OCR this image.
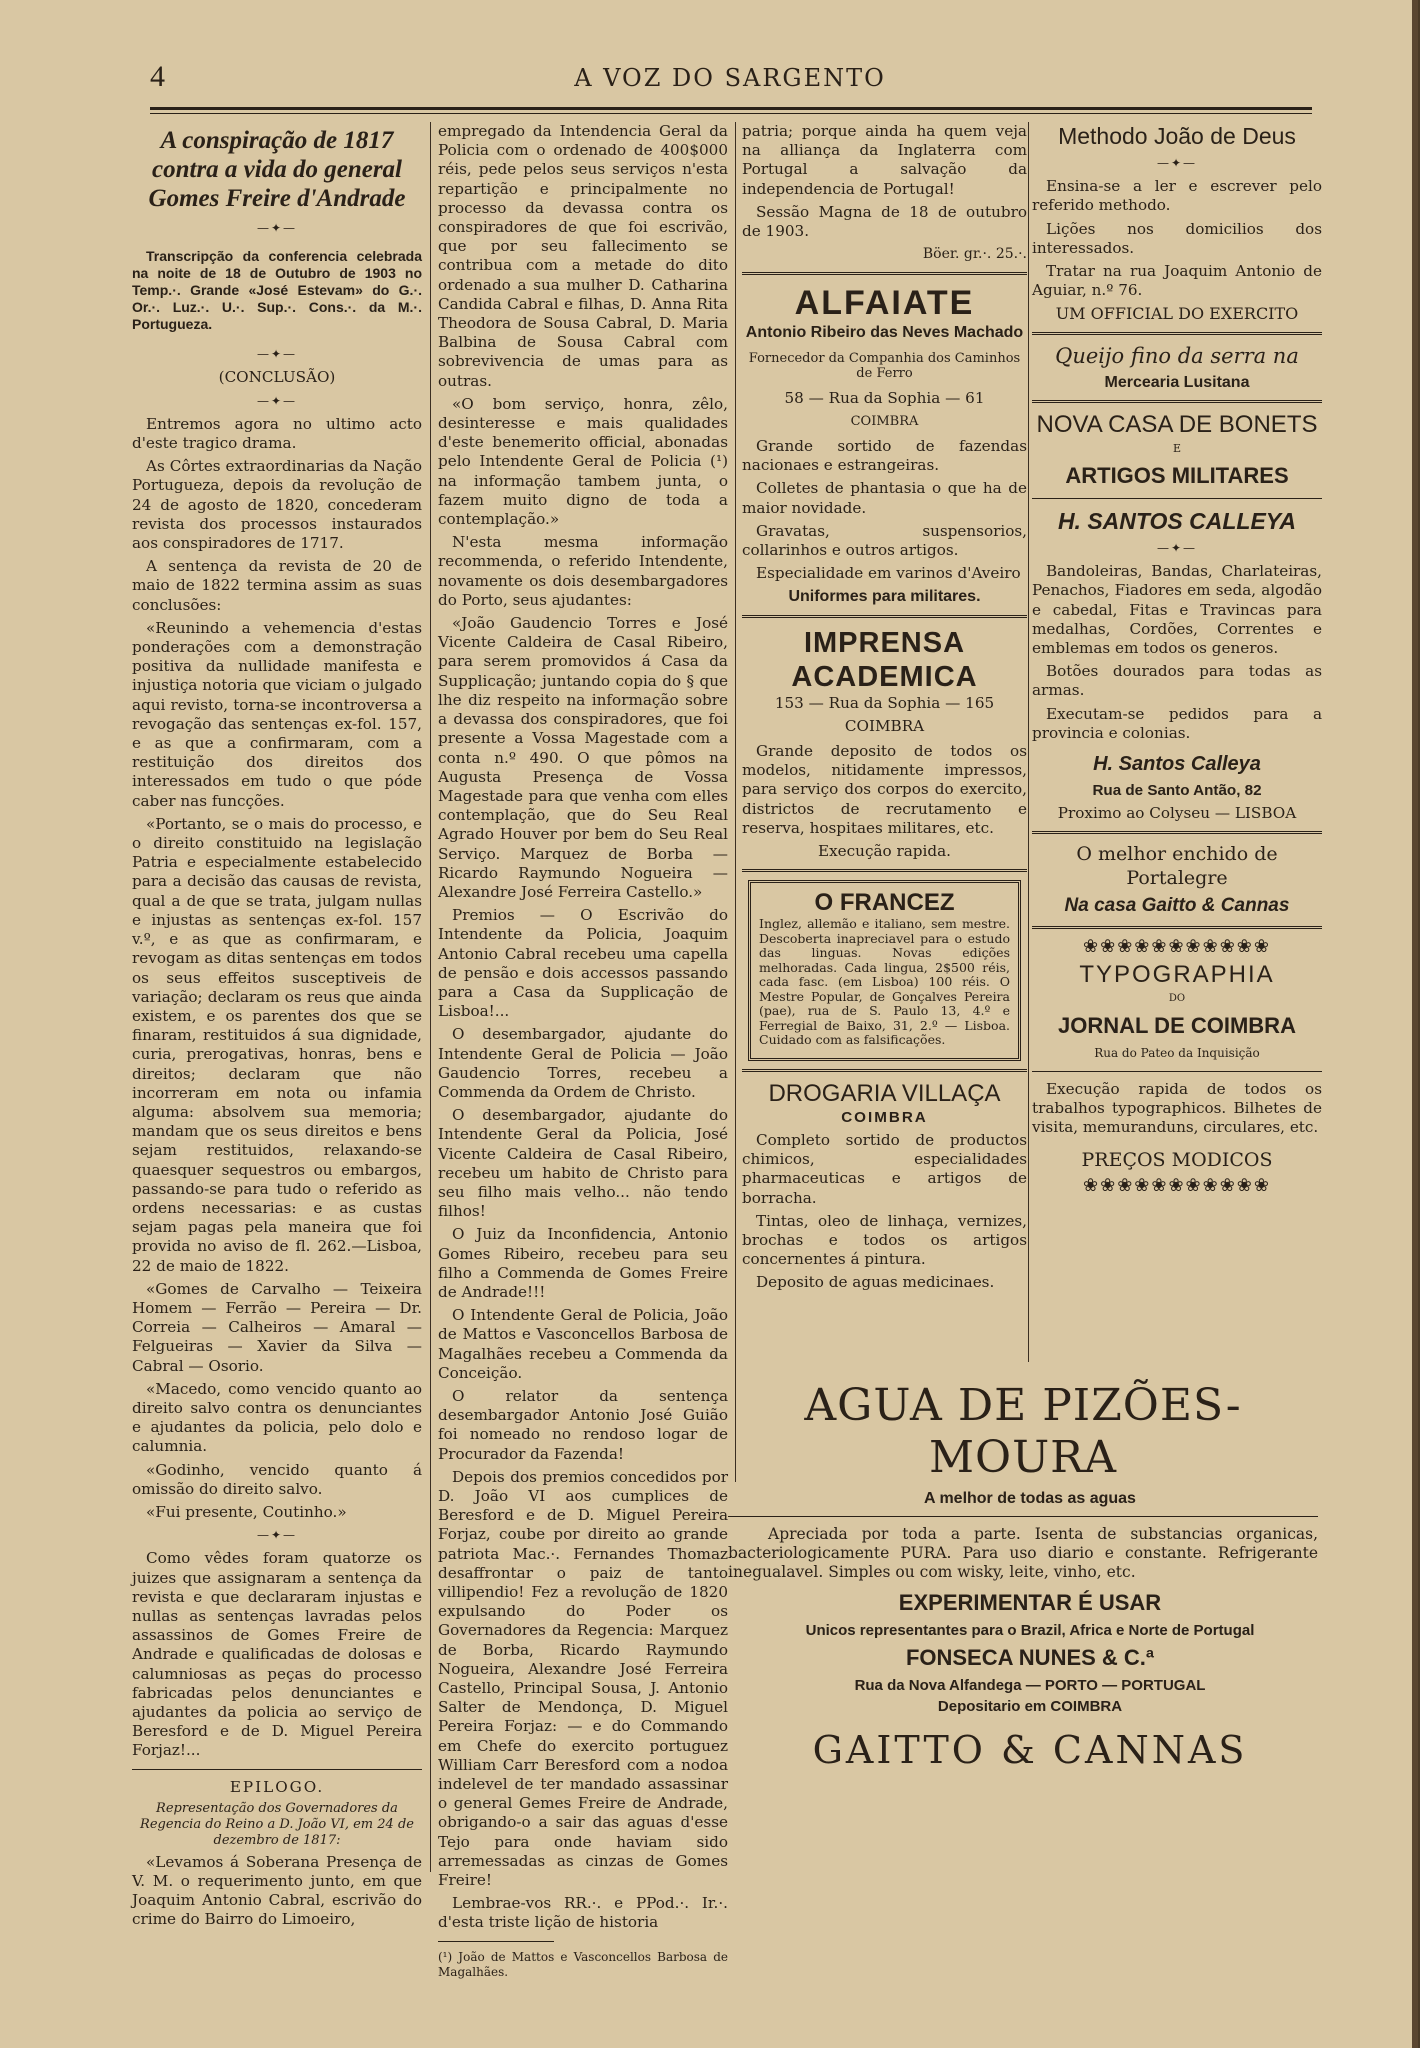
4	A VOZ DO SARGENTO
A conspiração de 1817 contra a vida do general Gomes Freire d'Andrade
—✦—
Transcripção da conferencia celebrada na noite de 18 de Outubro de 1903 no Temp.·. Grande «José Estevam» do G.·. Or.·. Luz.·. U.·. Sup.·. Cons.·. da M.·. Portugueza.
—✦—

(CONCLUSÃO)

—✦—

Entremos agora no ultimo acto d'este tragico drama.

As Côrtes extraordinarias da Nação Portugueza, depois da revolução de 24 de agosto de 1820, concederam revista dos processos instaurados aos conspiradores de 1717.

A sentença da revista de 20 de maio de 1822 termina assim as suas conclusões:

«Reunindo a vehemencia d'estas ponderações com a demonstração positiva da nullidade manifesta e injustiça notoria que viciam o julgado aqui revisto, torna-se incontroversa a revogação das sentenças ex-fol. 157, e as que a confirmaram, com a restituição dos direitos dos interessados em tudo o que póde caber nas funcções.

«Portanto, se o mais do processo, e o direito constituido na legislação Patria e especialmente estabelecido para a decisão das causas de revista, qual a de que se trata, julgam nullas e injustas as sentenças ex-fol. 157 v.º, e as que as confirmaram, e revogam as ditas sentenças em todos os seus effeitos susceptiveis de variação; declaram os reus que ainda existem, e os parentes dos que se finaram, restituidos á sua dignidade, curia, prerogativas, honras, bens e direitos; declaram que não incorreram em nota ou infamia alguma: absolvem sua memoria; mandam que os seus direitos e bens sejam restituidos, relaxando-se quaesquer sequestros ou embargos, passando-se para tudo o referido as ordens necessarias: e as custas sejam pagas pela maneira que foi provida no aviso de fl. 262.—Lisboa, 22 de maio de 1822.

«Gomes de Carvalho — Teixeira Homem — Ferrão — Pereira — Dr. Correia — Calheiros — Amaral — Felgueiras — Xavier da Silva — Cabral — Osorio.

«Macedo, como vencido quanto ao direito salvo contra os denunciantes e ajudantes da policia, pelo dolo e calumnia.

«Godinho, vencido quanto á omissão do direito salvo.

«Fui presente, Coutinho.»

—✦—

Como vêdes foram quatorze os juizes que assignaram a sentença da revista e que declararam injustas e nullas as sentenças lavradas pelos assassinos de Gomes Freire de Andrade e qualificadas de dolosas e calumniosas as peças do processo fabricadas pelos denunciantes e ajudantes da policia ao serviço de Beresford e de D. Miguel Pereira Forjaz!...

EPILOGO.

Representação dos Governadores da Regencia do Reino a D. João VI, em 24 de dezembro de 1817:

«Levamos á Soberana Presença de V. M. o requerimento junto, em que Joaquim Antonio Cabral, escrivão do crime do Bairro do Limoeiro,

empregado da Intendencia Geral da Policia com o ordenado de 400$000 réis, pede pelos seus serviços n'esta repartição e principalmente no processo da devassa contra os conspiradores de que foi escrivão, que por seu fallecimento se contribua com a metade do dito ordenado a sua mulher D. Catharina Candida Cabral e filhas, D. Anna Rita Theodora de Sousa Cabral, D. Maria Balbina de Sousa Cabral com sobrevivencia de umas para as outras.

«O bom serviço, honra, zêlo, desinteresse e mais qualidades d'este benemerito official, abonadas pelo Intendente Geral de Policia (¹) na informação tambem junta, o fazem muito digno de toda a contemplação.»

N'esta mesma informação recommenda, o referido Intendente, novamente os dois desembargadores do Porto, seus ajudantes:

«João Gaudencio Torres e José Vicente Caldeira de Casal Ribeiro, para serem promovidos á Casa da Supplicação; juntando copia do § que lhe diz respeito na informação sobre a devassa dos conspiradores, que foi presente a Vossa Magestade com a conta n.º 490. O que pômos na Augusta Presença de Vossa Magestade para que venha com elles contemplação, que do Seu Real Agrado Houver por bem do Seu Real Serviço. Marquez de Borba — Ricardo Raymundo Nogueira — Alexandre José Ferreira Castello.»

Premios — O Escrivão do Intendente da Policia, Joaquim Antonio Cabral recebeu uma capella de pensão e dois accessos passando para a Casa da Supplicação de Lisboa!...

O desembargador, ajudante do Intendente Geral de Policia — João Gaudencio Torres, recebeu a Commenda da Ordem de Christo.

O desembargador, ajudante do Intendente Geral da Policia, José Vicente Caldeira de Casal Ribeiro, recebeu um habito de Christo para seu filho mais velho... não tendo filhos!

O Juiz da Inconfidencia, Antonio Gomes Ribeiro, recebeu para seu filho a Commenda de Gomes Freire de Andrade!!!

O Intendente Geral de Policia, João de Mattos e Vasconcellos Barbosa de Magalhães recebeu a Commenda da Conceição.

O relator da sentença desembargador Antonio José Guião foi nomeado no rendoso logar de Procurador da Fazenda!

Depois dos premios concedidos por D. João VI aos cumplices de Beresford e de D. Miguel Pereira Forjaz, coube por direito ao grande patriota Mac.·. Fernandes Thomaz desaffrontar o paiz de tanto villipendio! Fez a revolução de 1820 expulsando do Poder os Governadores da Regencia: Marquez de Borba, Ricardo Raymundo Nogueira, Alexandre José Ferreira Castello, Principal Sousa, J. Antonio Salter de Mendonça, D. Miguel Pereira Forjaz: — e do Commando em Chefe do exercito portuguez William Carr Beresford com a nodoa indelevel de ter mandado assassinar o general Gemes Freire de Andrade, obrigando-o a sair das aguas d'esse Tejo para onde haviam sido arremessadas as cinzas de Gomes Freire!

Lembrae-vos RR.·. e PPod.·. Ir.·. d'esta triste lição de historia

(¹) João de Mattos e Vasconcellos Barbosa de Magalhães.

patria; porque ainda ha quem veja na alliança da Inglaterra com Portugal a salvação da independencia de Portugal!

Sessão Magna de 18 de outubro de 1903.

Böer. gr.·. 25.·.

ALFAIATE

Antonio Ribeiro das Neves Machado

Fornecedor da Companhia dos Caminhos de Ferro

58 — Rua da Sophia — 61

COIMBRA

Grande sortido de fazendas nacionaes e estrangeiras.

Colletes de phantasia o que ha de maior novidade.

Gravatas, suspensorios, collarinhos e outros artigos.

Especialidade em varinos d'Aveiro

Uniformes para militares.

IMPRENSA ACADEMICA

153 — Rua da Sophia — 165

COIMBRA

Grande deposito de todos os modelos, nitidamente impressos, para serviço dos corpos do exercito, districtos de recrutamento e reserva, hospitaes militares, etc.

Execução rapida.

O FRANCEZ

Inglez, allemão e italiano, sem mestre. Descoberta inapreciavel para o estudo das linguas. Novas edições melhoradas. Cada lingua, 2$500 réis, cada fasc. (em Lisboa) 100 réis. O Mestre Popular, de Gonçalves Pereira (pae), rua de S. Paulo 13, 4.º e Ferregial de Baixo, 31, 2.º — Lisboa. Cuidado com as falsificações.

DROGARIA VILLAÇA

COIMBRA

Completo sortido de productos chimicos, especialidades pharmaceuticas e artigos de borracha.

Tintas, oleo de linhaça, vernizes, brochas e todos os artigos concernentes á pintura.

Deposito de aguas medicinaes.

Methodo João de Deus
—✦—

Ensina-se a ler e escrever pelo referido methodo.

Lições nos domicilios dos interessados.

Tratar na rua Joaquim Antonio de Aguiar, n.º 76.

UM OFFICIAL DO EXERCITO

Queijo fino da serra na

Mercearia Lusitana

NOVA CASA DE BONETS

E

ARTIGOS MILITARES

H. SANTOS CALLEYA

—✦—

Bandoleiras, Bandas, Charlateiras, Penachos, Fiadores em seda, algodão e cabedal, Fitas e Travincas para medalhas, Cordões, Correntes e emblemas em todos os generos.

Botões dourados para todas as armas.

Executam-se pedidos para a provincia e colonias.

H. Santos Calleya

Rua de Santo Antão, 82

Proximo ao Colyseu — LISBOA

O melhor enchido de Portalegre

Na casa Gaitto & Cannas

❀❀❀❀❀❀❀❀❀❀❀
TYPOGRAPHIA

DO

JORNAL DE COIMBRA

Rua do Pateo da Inquisição

Execução rapida de todos os trabalhos typographicos. Bilhetes de visita, memuranduns, circulares, etc.

PREÇOS MODICOS

❀❀❀❀❀❀❀❀❀❀❀
AGUA DE PIZÕES-MOURA

A melhor de todas as aguas

Apreciada por toda a parte. Isenta de substancias organicas, bacteriologicamente PURA. Para uso diario e constante. Refrigerante inegualavel. Simples ou com wisky, leite, vinho, etc.

EXPERIMENTAR É USAR

Unicos representantes para o Brazil, Africa e Norte de Portugal

FONSECA NUNES & C.ª

Rua da Nova Alfandega — PORTO — PORTUGAL

Depositario em COIMBRA

GAITTO & CANNAS
